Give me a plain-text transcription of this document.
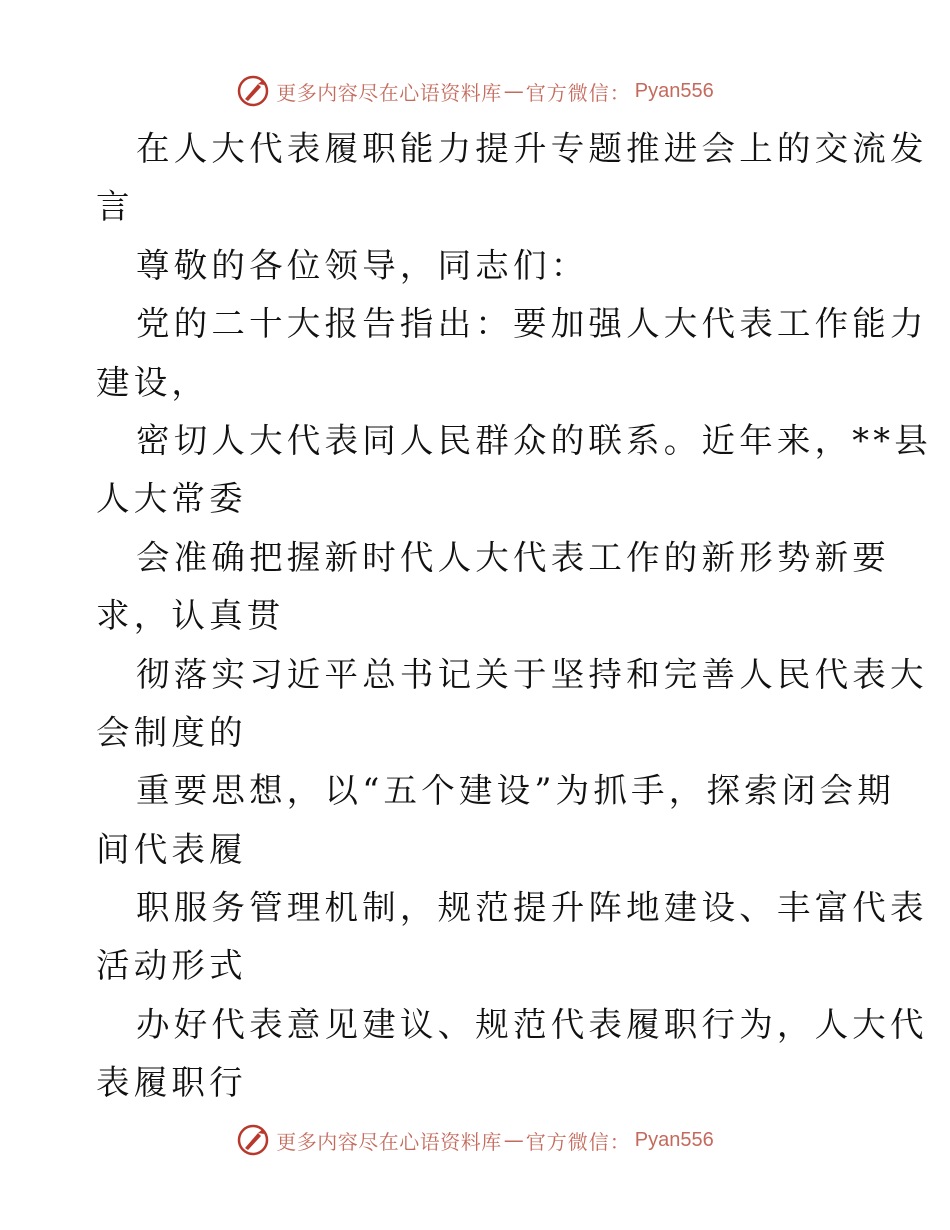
更多内容尽在心语资料库 — 官方微信： Pyan556
在人大代表履职能力提升专题推进会上的交流发
言
尊敬的各位领导，同志们：
党的二十大报告指出：要加强人大代表工作能力
建设，
密切人大代表同人民群众的联系。近年来，**县
人大常委
会准确把握新时代人大代表工作的新形势新要
求，认真贯
彻落实习近平总书记关于坚持和完善人民代表大
会制度的
重要思想，以“五个建设”为抓手，探索闭会期
间代表履
职服务管理机制，规范提升阵地建设、丰富代表
活动形式
办好代表意见建议、规范代表履职行为，人大代
表履职行
更多内容尽在心语资料库 — 官方微信： Pyan556
